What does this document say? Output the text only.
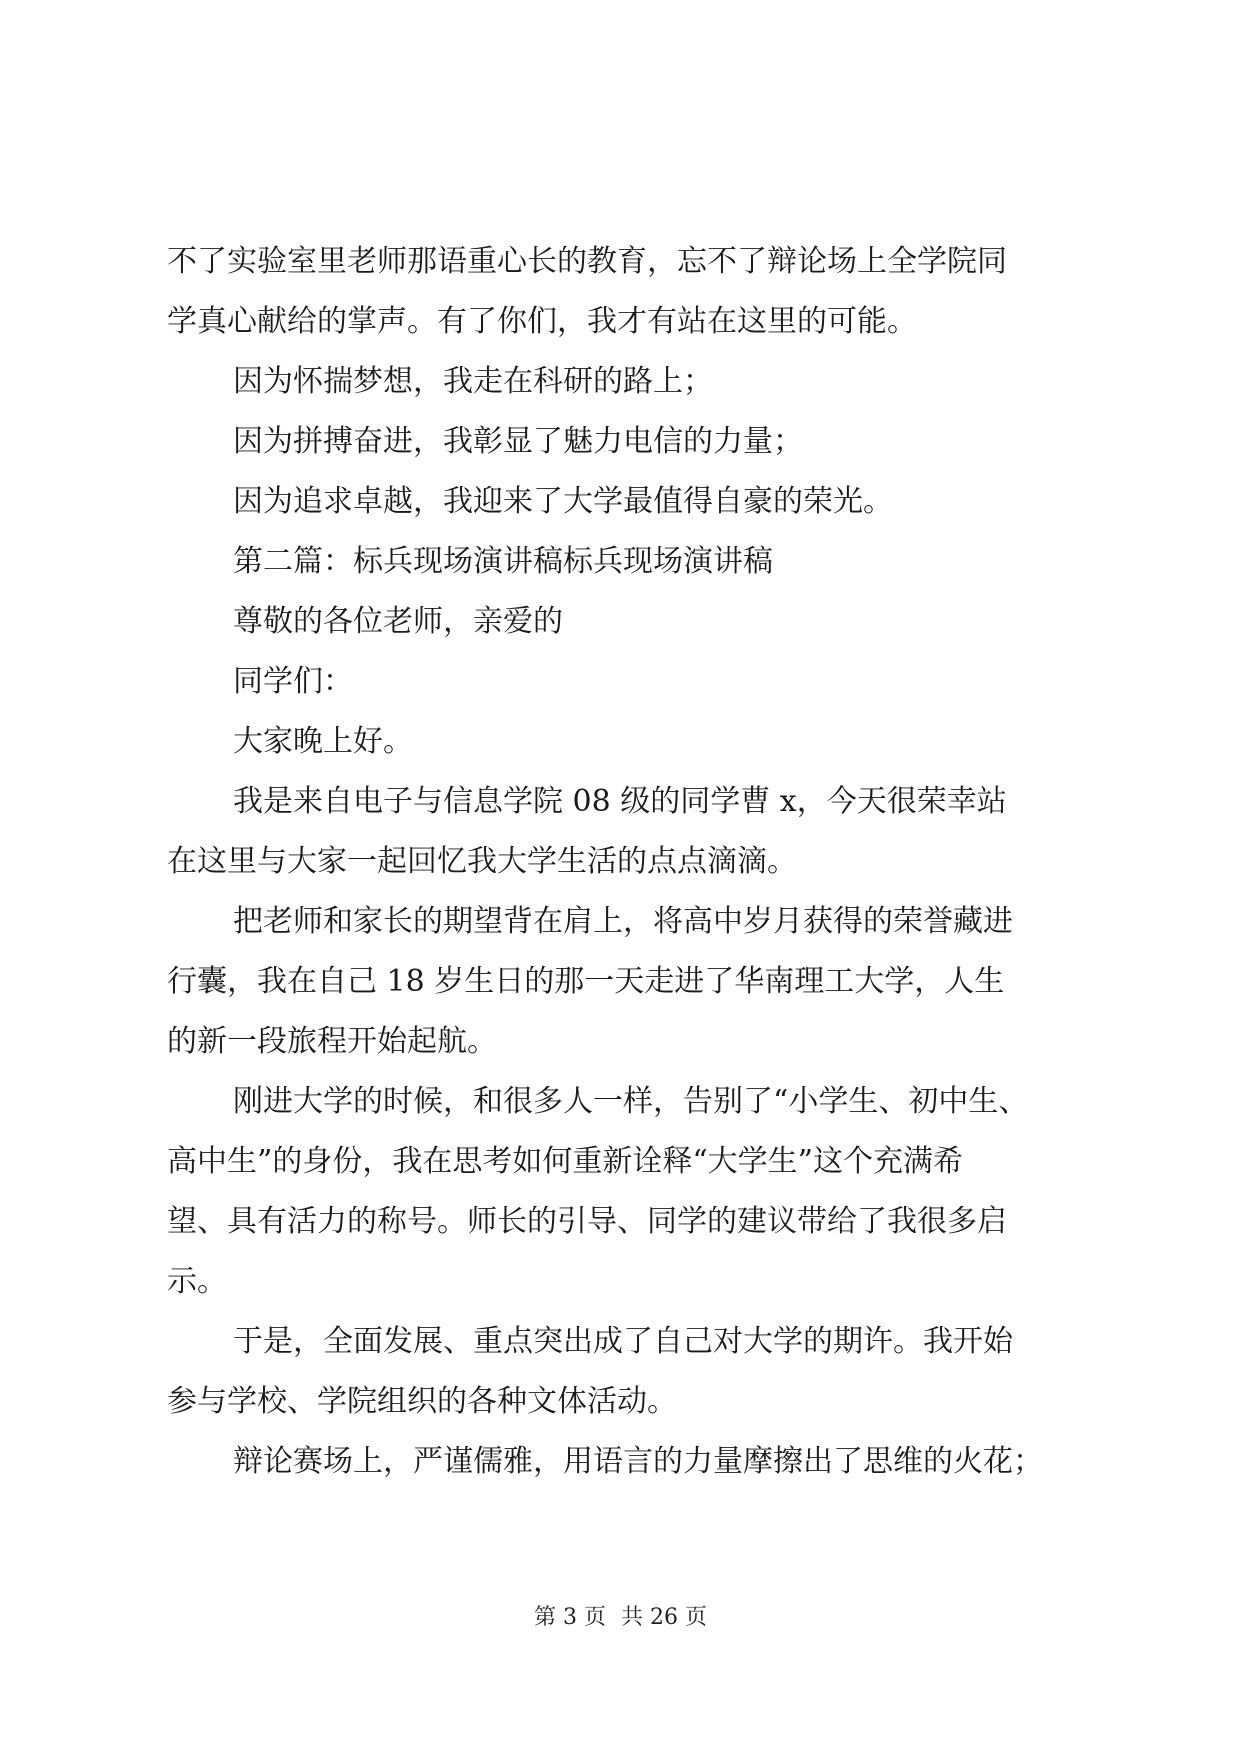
不了实验室里老师那语重心长的教育，忘不了辩论场上全学院同
学真心献给的掌声。有了你们，我才有站在这里的可能。
因为怀揣梦想，我走在科研的路上；
因为拼搏奋进，我彰显了魅力电信的力量；
因为追求卓越，我迎来了大学最值得自豪的荣光。
第二篇：标兵现场演讲稿标兵现场演讲稿
尊敬的各位老师，亲爱的
同学们：
大家晚上好。
我是来自电子与信息学院 08 级的同学曹 x，今天很荣幸站
在这里与大家一起回忆我大学生活的点点滴滴。
把老师和家长的期望背在肩上，将高中岁月获得的荣誉藏进
行囊，我在自己 18 岁生日的那一天走进了华南理工大学，人生
的新一段旅程开始起航。
刚进大学的时候，和很多人一样，告别了“小学生、初中生、
高中生”的身份，我在思考如何重新诠释“大学生”这个充满希
望、具有活力的称号。师长的引导、同学的建议带给了我很多启
示。
于是，全面发展、重点突出成了自己对大学的期许。我开始
参与学校、学院组织的各种文体活动。
辩论赛场上，严谨儒雅，用语言的力量摩擦出了思维的火花；
第 3 页 共 26 页
